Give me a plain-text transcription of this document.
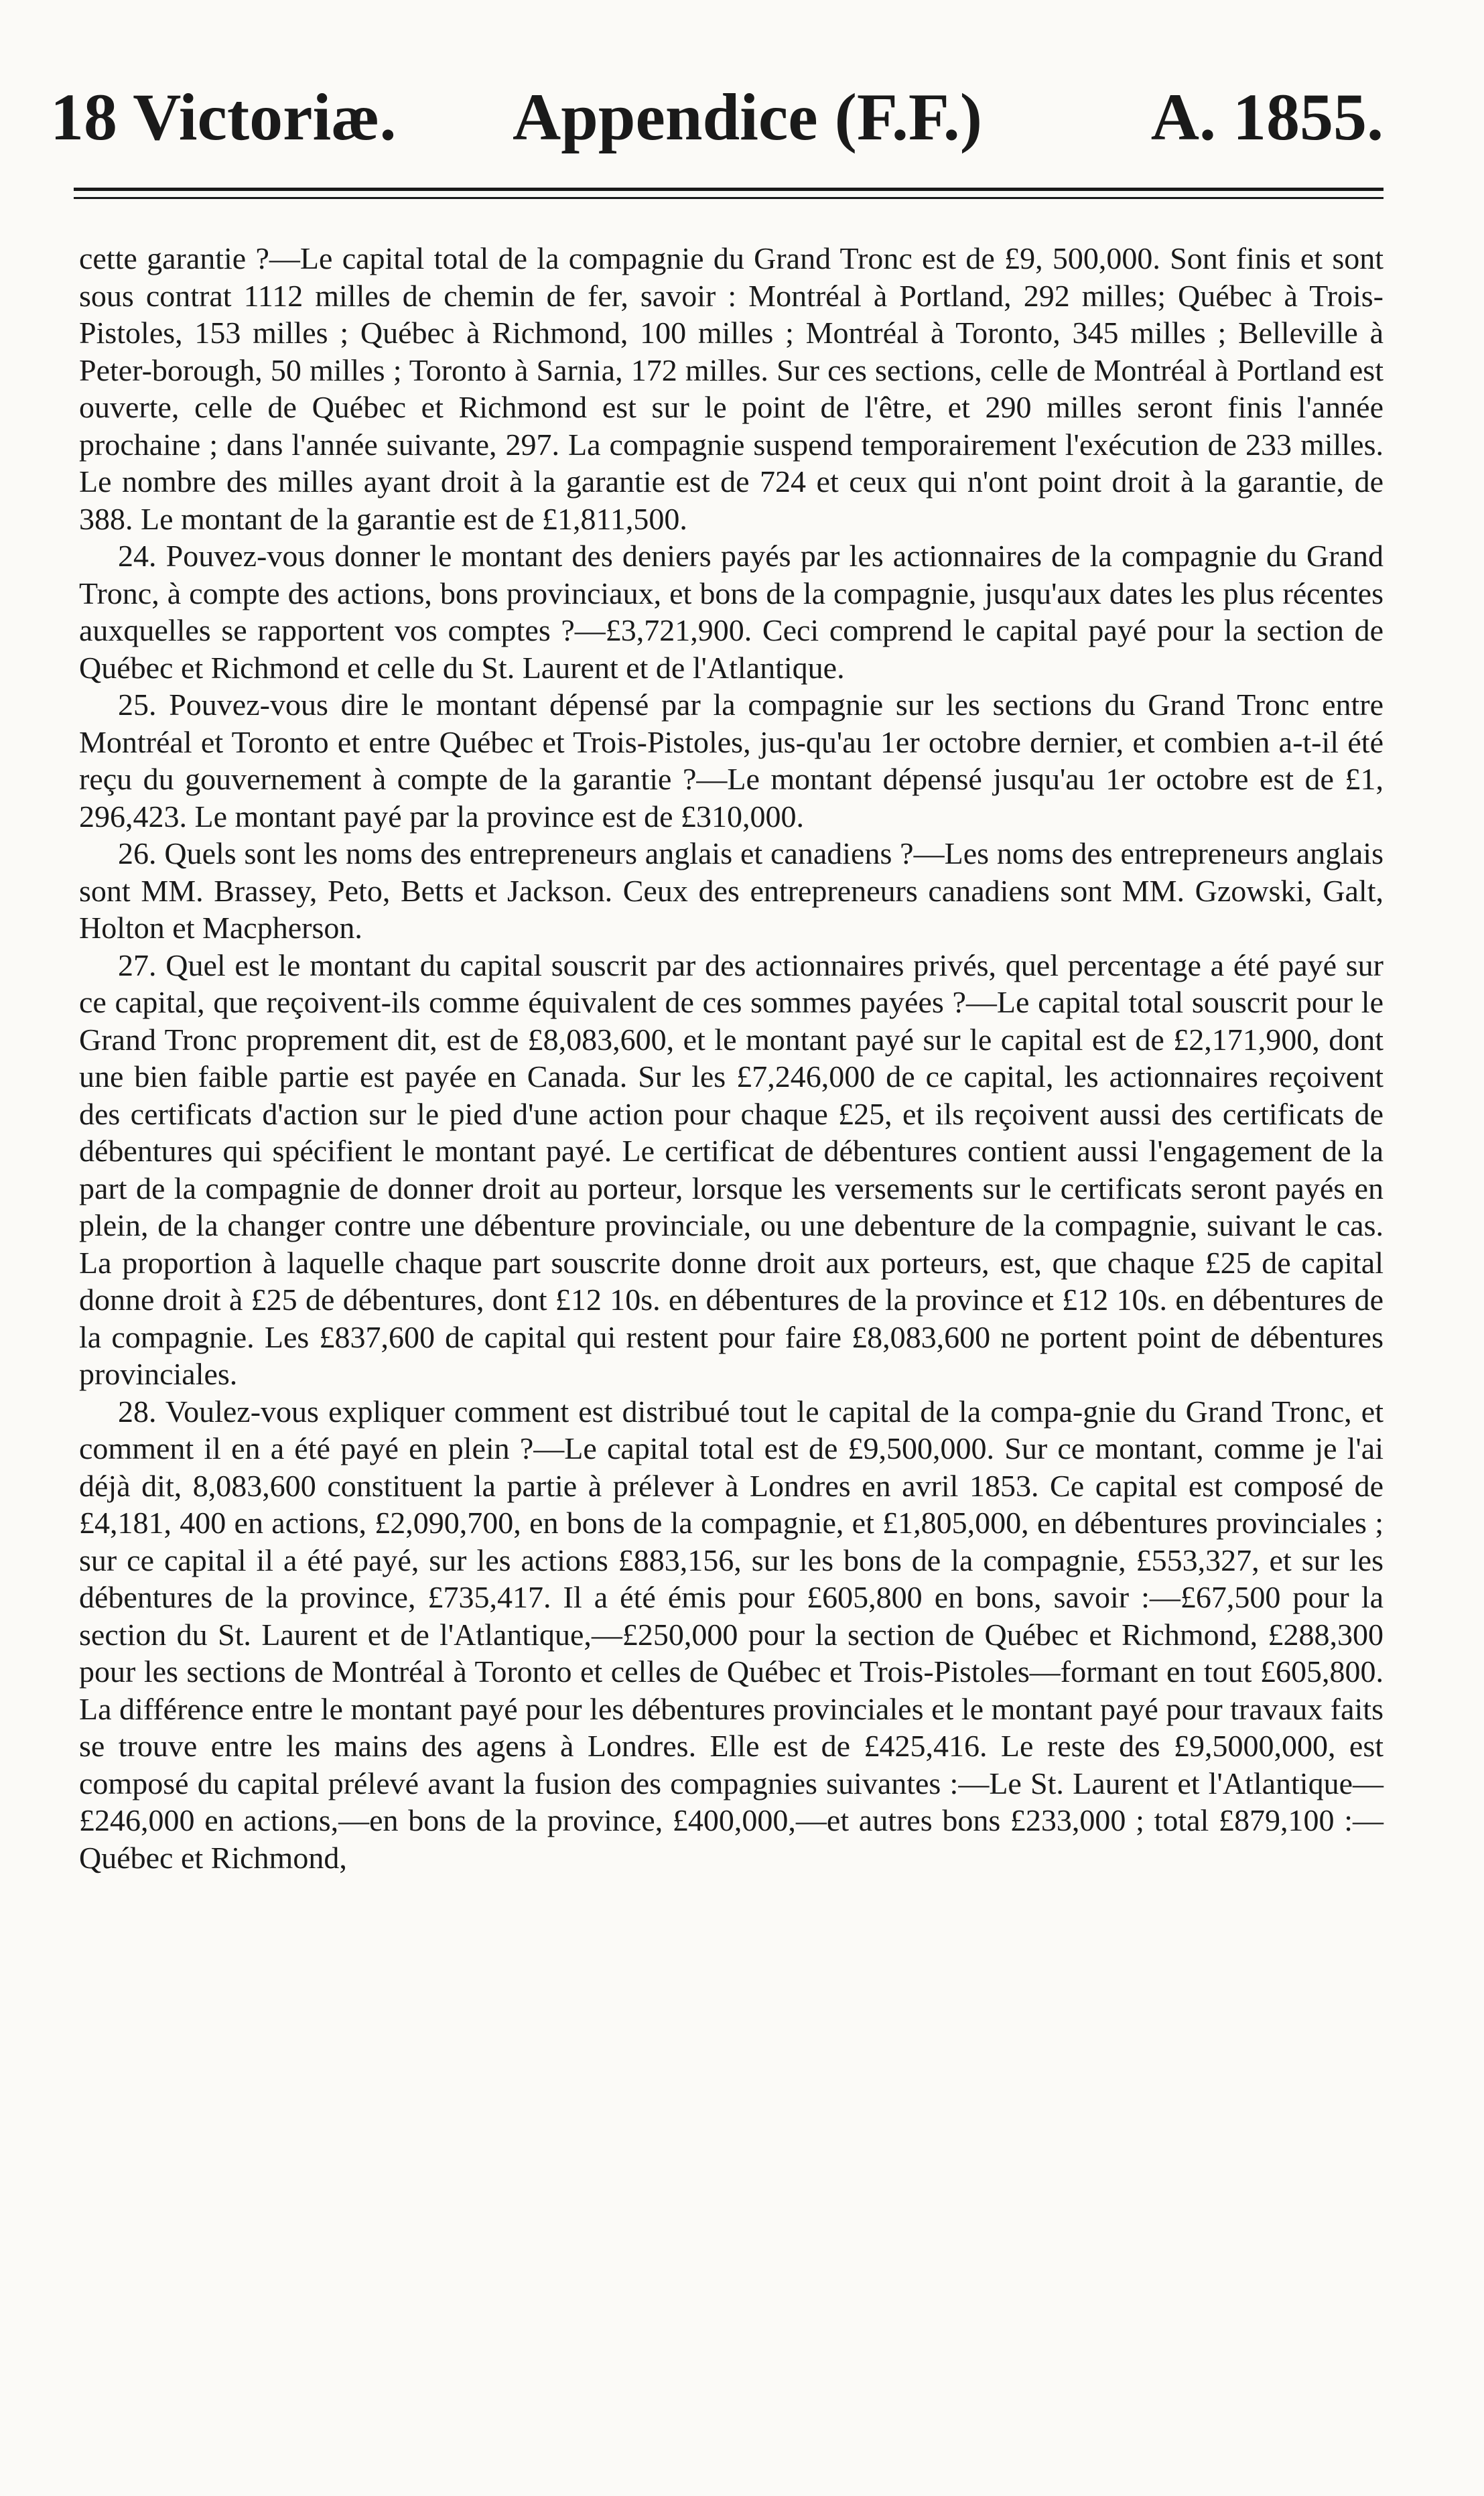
18 Victoriæ. Appendice (F.F.)	A. 1855.

cette garantie ?—Le capital total de la compagnie du Grand Tronc est de £9, 500,000. Sont finis et sont sous contrat 1112 milles de chemin de fer, savoir : Montréal à Portland, 292 milles; Québec à Trois-Pistoles, 153 milles ; Québec à Richmond, 100 milles ; Montréal à Toronto, 345 milles ; Belleville à Peter-borough, 50 milles ; Toronto à Sarnia, 172 milles. Sur ces sections, celle de Montréal à Portland est ouverte, celle de Québec et Richmond est sur le point de l'être, et 290 milles seront finis l'année prochaine ; dans l'année suivante, 297. La compagnie suspend temporairement l'exécution de 233 milles. Le nombre des milles ayant droit à la garantie est de 724 et ceux qui n'ont point droit à la garantie, de 388. Le montant de la garantie est de £1,811,500.

24. Pouvez-vous donner le montant des deniers payés par les actionnaires de la compagnie du Grand Tronc, à compte des actions, bons provinciaux, et bons de la compagnie, jusqu'aux dates les plus récentes auxquelles se rapportent vos comptes ?—£3,721,900. Ceci comprend le capital payé pour la section de Québec et Richmond et celle du St. Laurent et de l'Atlantique.

25. Pouvez-vous dire le montant dépensé par la compagnie sur les sections du Grand Tronc entre Montréal et Toronto et entre Québec et Trois-Pistoles, jus-qu'au 1er octobre dernier, et combien a-t-il été reçu du gouvernement à compte de la garantie ?—Le montant dépensé jusqu'au 1er octobre est de £1, 296,423. Le montant payé par la province est de £310,000.

26. Quels sont les noms des entrepreneurs anglais et canadiens ?—Les noms des entrepreneurs anglais sont MM. Brassey, Peto, Betts et Jackson. Ceux des entrepreneurs canadiens sont MM. Gzowski, Galt, Holton et Macpherson.

27. Quel est le montant du capital souscrit par des actionnaires privés, quel percentage a été payé sur ce capital, que reçoivent-ils comme équivalent de ces sommes payées ?—Le capital total souscrit pour le Grand Tronc proprement dit, est de £8,083,600, et le montant payé sur le capital est de £2,171,900, dont une bien faible partie est payée en Canada. Sur les £7,246,000 de ce capital, les actionnaires reçoivent des certificats d'action sur le pied d'une action pour chaque £25, et ils reçoivent aussi des certificats de débentures qui spécifient le montant payé. Le certificat de débentures contient aussi l'engagement de la part de la compagnie de donner droit au porteur, lorsque les versements sur le certificats seront payés en plein, de la changer contre une débenture provinciale, ou une debenture de la compagnie, suivant le cas. La proportion à laquelle chaque part souscrite donne droit aux porteurs, est, que chaque £25 de capital donne droit à £25 de débentures, dont £12 10s. en débentures de la province et £12 10s. en débentures de la compagnie. Les £837,600 de capital qui restent pour faire £8,083,600 ne portent point de débentures provinciales.

28. Voulez-vous expliquer comment est distribué tout le capital de la compa-gnie du Grand Tronc, et comment il en a été payé en plein ?—Le capital total est de £9,500,000. Sur ce montant, comme je l'ai déjà dit, 8,083,600 constituent la partie à prélever à Londres en avril 1853. Ce capital est composé de £4,181, 400 en actions, £2,090,700, en bons de la compagnie, et £1,805,000, en débentures provinciales ; sur ce capital il a été payé, sur les actions £883,156, sur les bons de la compagnie, £553,327, et sur les débentures de la province, £735,417. Il a été émis pour £605,800 en bons, savoir :—£67,500 pour la section du St. Laurent et de l'Atlantique,—£250,000 pour la section de Québec et Richmond, £288,300 pour les sections de Montréal à Toronto et celles de Québec et Trois-Pistoles—formant en tout £605,800. La différence entre le montant payé pour les débentures provinciales et le montant payé pour travaux faits se trouve entre les mains des agens à Londres. Elle est de £425,416. Le reste des £9,5000,000, est composé du capital prélevé avant la fusion des compagnies suivantes :—Le St. Laurent et l'Atlantique—£246,000 en actions,—en bons de la province, £400,000,—et autres bons £233,000 ; total £879,100 :—Québec et Richmond,
